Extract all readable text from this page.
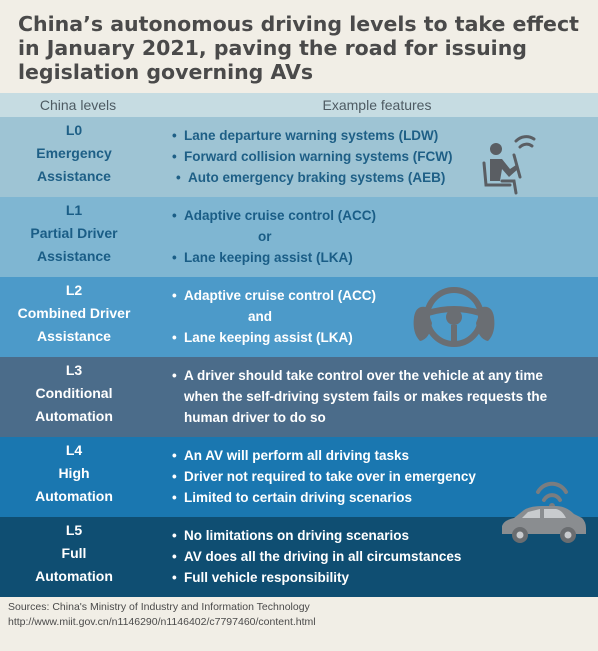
China’s autonomous driving levels to take effect in January 2021, paving the road for issuing legislation governing AVs
China levels	Example features
L0
Emergency
Assistance
• Lane departure warning systems (LDW)
• Forward collision warning systems (FCW)
• Auto emergency braking systems (AEB)
L1
Partial Driver
Assistance
• Adaptive cruise control (ACC)
or
• Lane keeping assist (LKA)
L2
Combined Driver
Assistance
• Adaptive cruise control (ACC)
and
• Lane keeping assist (LKA)
L3
Conditional
Automation
• A driver should take control over the vehicle at any time
when the self-driving system fails or makes requests the
human driver to do so
L4
High
Automation
• An AV will perform all driving tasks
• Driver not required to take over in emergency
• Limited to certain driving scenarios
L5
Full
Automation
• No limitations on driving scenarios
• AV does all the driving in all circumstances
• Full vehicle responsibility
Sources: China's Ministry of Industry and Information Technology
http://www.miit.gov.cn/n1146290/n1146402/c7797460/content.html
